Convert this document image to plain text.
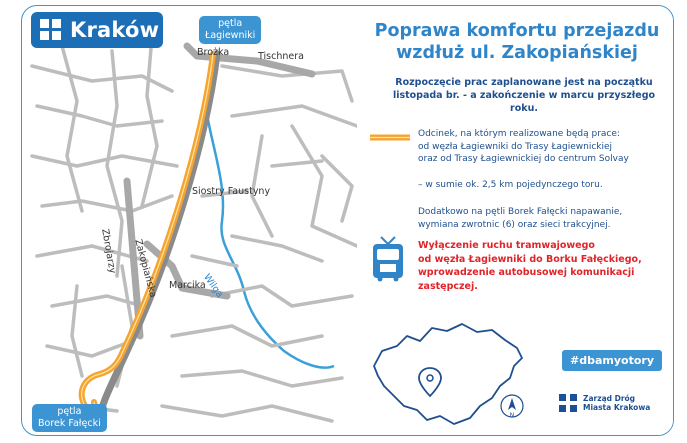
N
Kraków	pętla
Łagiewniki
pętla
Borek Fałęcki
Brożka	Tischnera
Zakopiańska
Siostry Faustyny
Zbrojarzy
Marcika
Wilga
Poprawa komfortu przejazdu
wzdłuż ul. Zakopiańskiej
Rozpoczęcie prac zaplanowane jest na początku
listopada br. - a zakończenie w marcu przyszłego roku.
Odcinek, na którym realizowane będą prace:
od węzła Łagiewniki do Trasy Łagiewnickiej
oraz od Trasy Łagiewnickiej do centrum Solvay
– w sumie ok. 2,5 km pojedynczego toru.
Dodatkowo na pętli Borek Fałęcki napawanie,
wymiana zwrotnic (6) oraz sieci trakcyjnej.
Wyłączenie ruchu tramwajowego
od węzła Łagiewniki do Borku Fałęckiego,
wprowadzenie autobusowej komunikacji
zastępczej.
#dbamyotory
Zarząd Dróg
Miasta Krakowa
